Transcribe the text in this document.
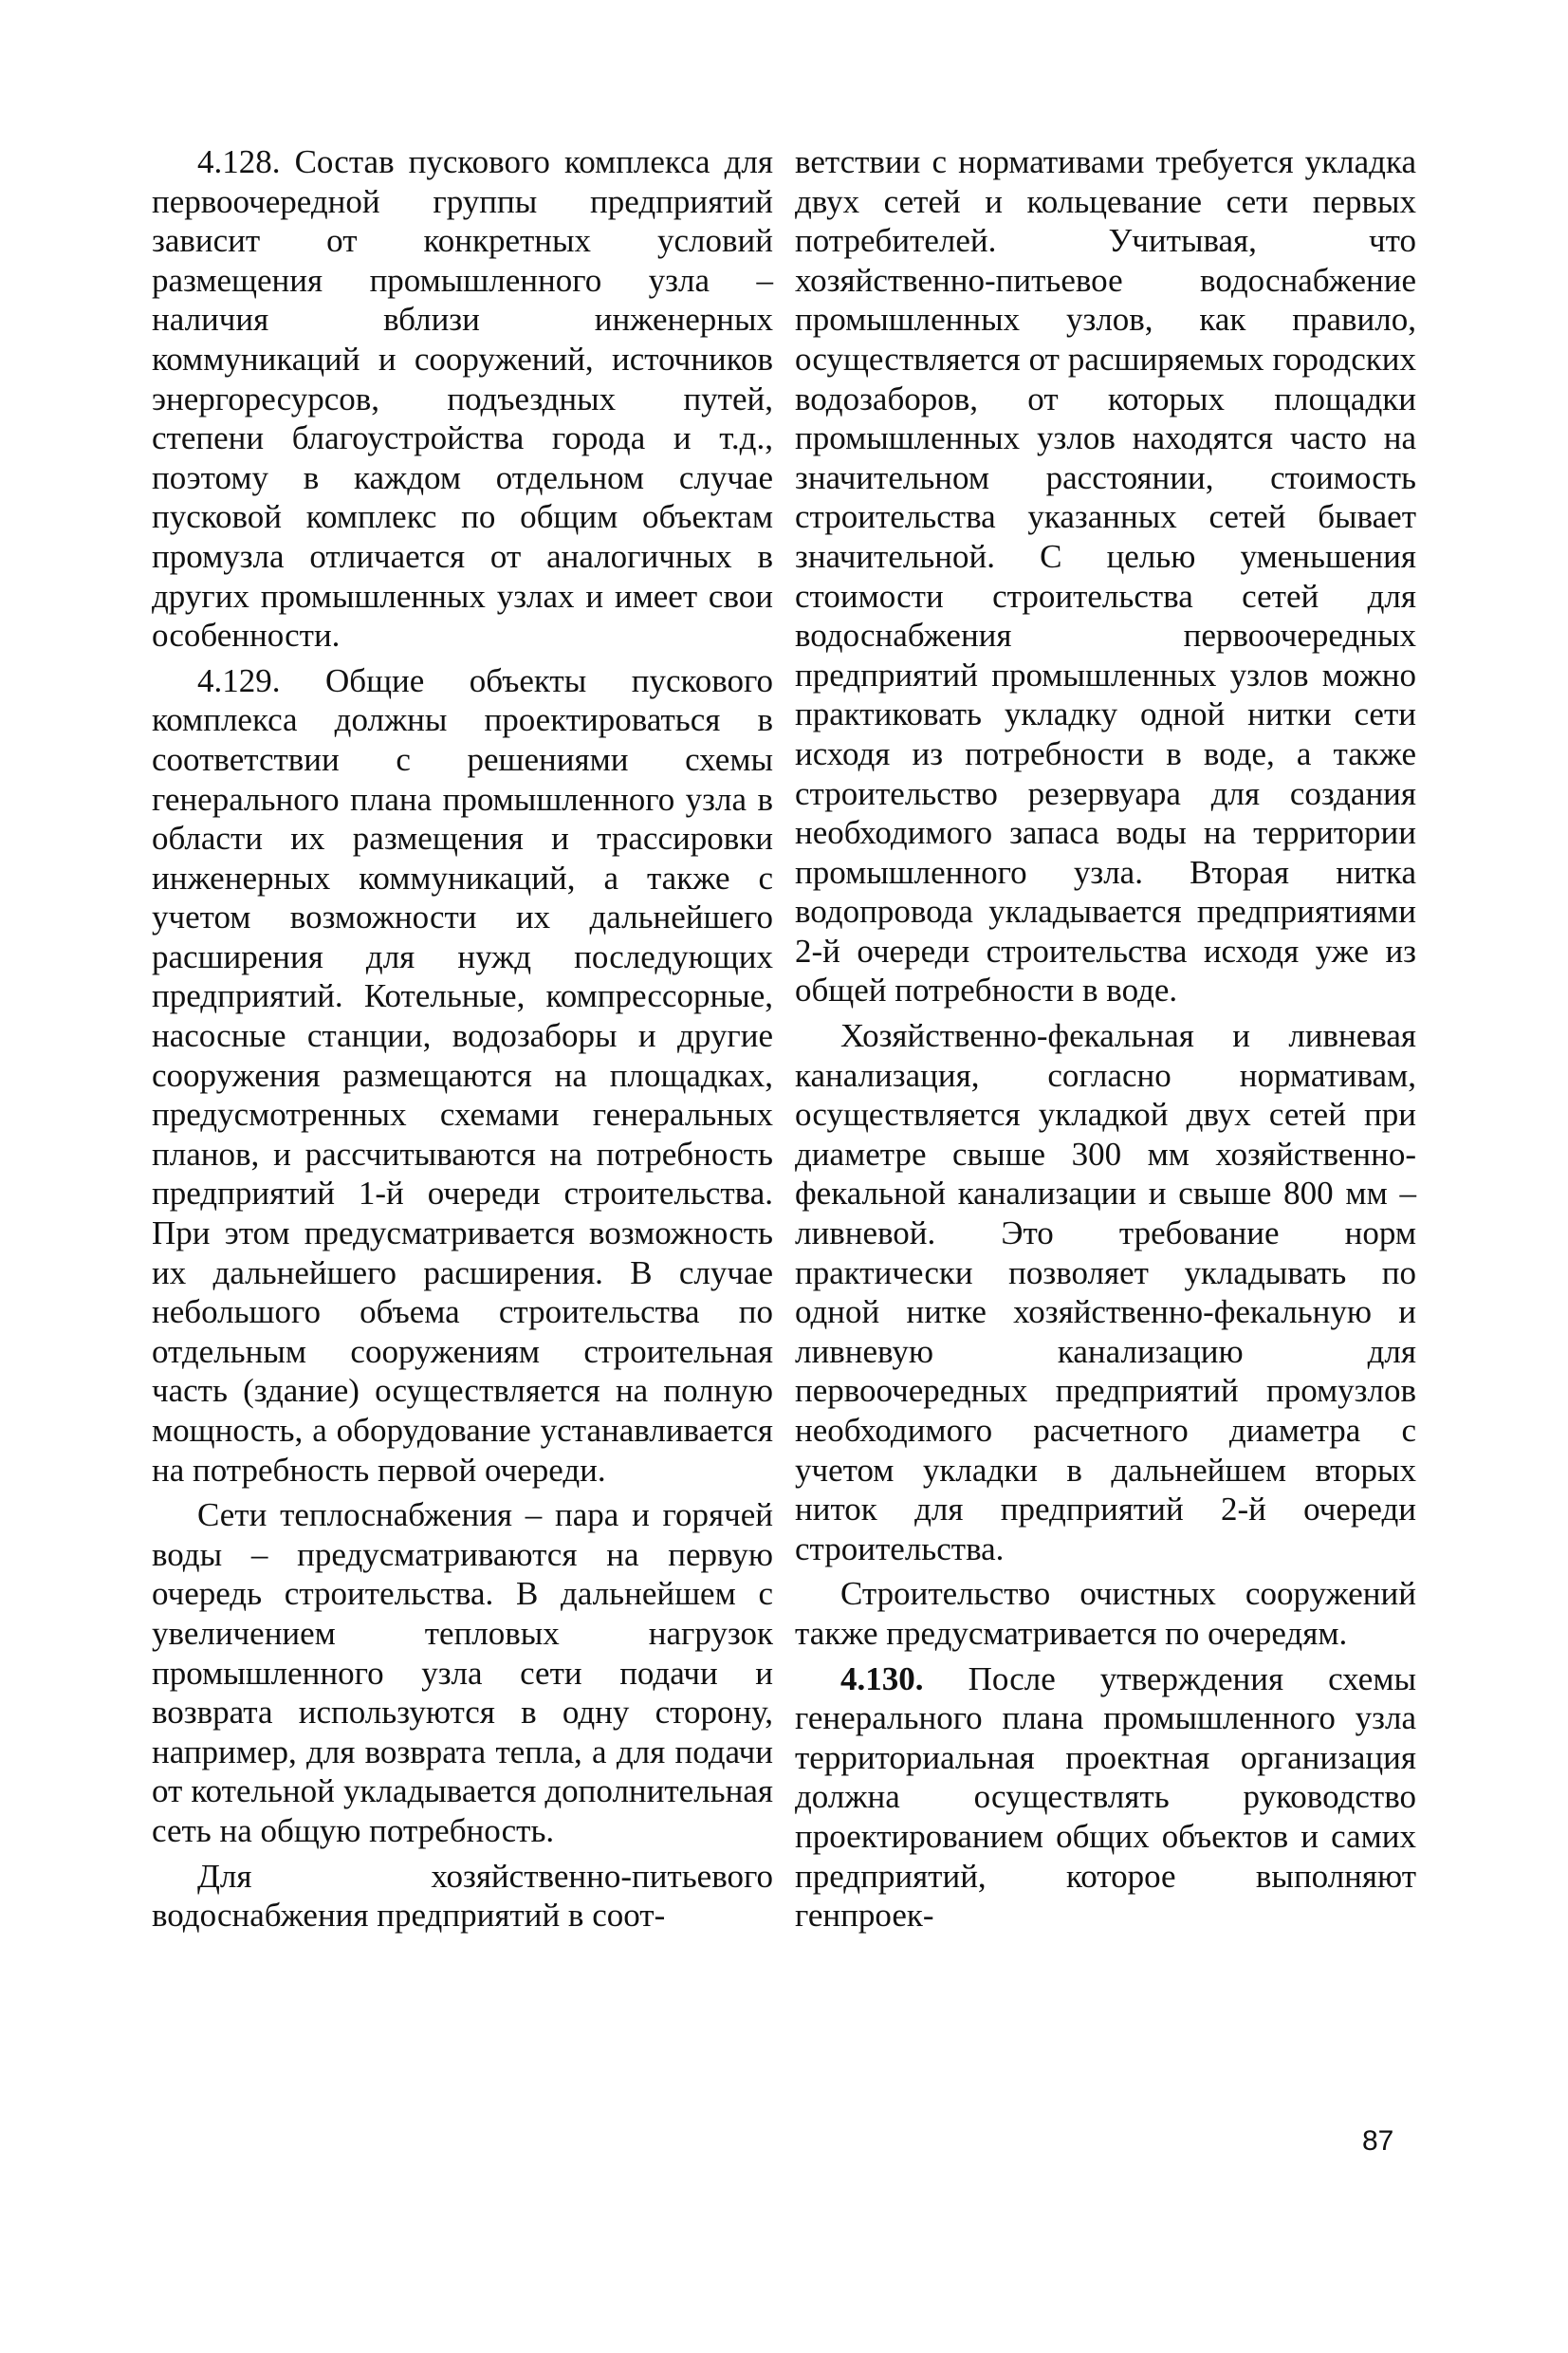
4.128. Состав пускового комплекса для первоочередной группы предприятий зависит от конкретных условий размещения промышленного узла – наличия вблизи инженерных коммуникаций и сооружений, источников энергоресурсов, подъездных путей, степени благоустройства города и т.д., поэтому в каждом отдельном случае пусковой комплекс по общим объектам промузла отличается от аналогичных в других промышленных узлах и имеет свои особенности.

4.129. Общие объекты пускового комплекса должны проектироваться в соответствии с решениями схемы генерального плана промышленного узла в области их размещения и трассировки инженерных коммуникаций, а также с учетом возможности их дальнейшего расширения для нужд последующих предприятий. Котельные, компрессорные, насосные станции, водозаборы и другие сооружения размещаются на площадках, предусмотренных схемами генеральных планов, и рассчитываются на потребность предприятий 1-й очереди строительства. При этом предусматривается возможность их дальнейшего расширения. В случае небольшого объема строительства по отдельным сооружениям строительная часть (здание) осуществляется на полную мощность, а оборудование устанавливается на потребность первой очереди.

Сети теплоснабжения – пара и горячей воды – предусматриваются на первую очередь строительства. В дальнейшем с увеличением тепловых нагрузок промышленного узла сети подачи и возврата используются в одну сторону, например, для возврата тепла, а для подачи от котельной укладывается дополнительная сеть на общую потребность.

Для хозяйственно-питьевого водоснабжения предприятий в соот-

ветствии с нормативами требуется укладка двух сетей и кольцевание сети первых потребителей. Учитывая, что хозяйственно-питьевое водоснабжение промышленных узлов, как правило, осуществляется от расширяемых городских водозаборов, от которых площадки промышленных узлов находятся часто на значительном расстоянии, стоимость строительства указанных сетей бывает значительной. С целью уменьшения стоимости строительства сетей для водоснабжения первоочередных предприятий промышленных узлов можно практиковать укладку одной нитки сети исходя из потребности в воде, а также строительство резервуара для создания необходимого запаса воды на территории промышленного узла. Вторая нитка водопровода укладывается предприятиями 2-й очереди строительства исходя уже из общей потребности в воде.

Хозяйственно-фекальная и ливневая канализация, согласно нормативам, осуществляется укладкой двух сетей при диаметре свыше 300 мм хозяйственно-фекальной канализации и свыше 800 мм – ливневой. Это требование норм практически позволяет укладывать по одной нитке хозяйственно-фекальную и ливневую канализацию для первоочередных предприятий промузлов необходимого расчетного диаметра с учетом укладки в дальнейшем вторых ниток для предприятий 2-й очереди строительства.

Строительство очистных сооружений также предусматривается по очередям.

4.130. После утверждения схемы генерального плана промышленного узла территориальная проектная организация должна осуществлять руководство проектированием общих объектов и самих предприятий, которое выполняют генпроек-

87
